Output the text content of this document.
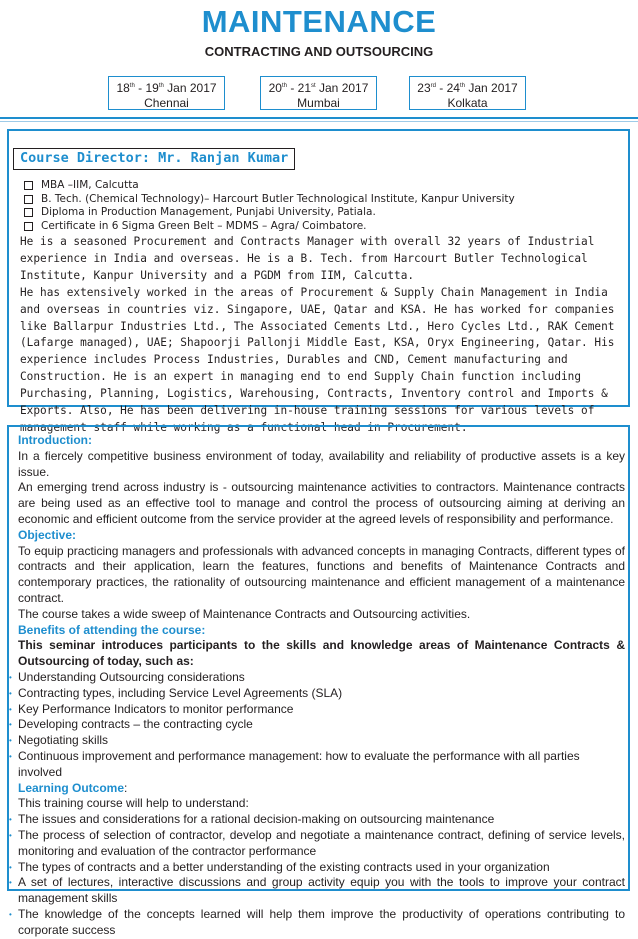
MAINTENANCE
CONTRACTING AND OUTSOURCING
18th - 19th Jan 2017
Chennai
20th - 21st Jan 2017
Mumbai
23rd - 24th Jan 2017
Kolkata
Course Director: Mr. Ranjan Kumar
MBA –IIM, Calcutta
B. Tech. (Chemical Technology)– Harcourt Butler Technological Institute, Kanpur University
Diploma in Production Management, Punjabi University, Patiala.
Certificate in 6 Sigma Green Belt – MDMS – Agra/ Coimbatore.

He is a seasoned Procurement and Contracts Manager with overall 32 years of Industrial experience in India and overseas. He is a B. Tech. from Harcourt Butler Technological Institute, Kanpur University and a PGDM from IIM, Calcutta.

He has extensively worked in the areas of Procurement & Supply Chain Management in India and overseas in countries viz. Singapore, UAE, Qatar and KSA. He has worked for companies like Ballarpur Industries Ltd., The Associated Cements Ltd., Hero Cycles Ltd., RAK Cement (Lafarge managed), UAE; Shapoorji Pallonji Middle East, KSA, Oryx Engineering, Qatar. His experience includes Process Industries, Durables and CND, Cement manufacturing and Construction. He is an expert in managing end to end Supply Chain function including Purchasing, Planning, Logistics, Warehousing, Contracts, Inventory control and Imports & Exports. Also, He has been delivering in-house training sessions for various levels of management staff while working as a functional head in Procurement.

Introduction:
In a fiercely competitive business environment of today, availability and reliability of productive assets is a key issue.
An emerging trend across industry is - outsourcing maintenance activities to contractors. Maintenance contracts are being used as an effective tool to manage and control the process of outsourcing aiming at deriving an economic and efficient outcome from the service provider at the agreed levels of responsibility and performance.
Objective:
To equip practicing managers and professionals with advanced concepts in managing Contracts, different types of contracts and their application, learn the features, functions and benefits of Maintenance Contracts and contemporary practices, the rationality of outsourcing maintenance and efficient management of a maintenance contract.
The course takes a wide sweep of Maintenance Contracts and Outsourcing activities.
Benefits of attending the course:
This seminar introduces participants to the skills and knowledge areas of Maintenance Contracts & Outsourcing of today, such as:
• Understanding Outsourcing considerations
• Contracting types, including Service Level Agreements (SLA)
• Key Performance Indicators to monitor performance
• Developing contracts – the contracting cycle
• Negotiating skills
• Continuous improvement and performance management: how to evaluate the performance with all parties involved
Learning Outcome:
This training course will help to understand:
• The issues and considerations for a rational decision-making on outsourcing maintenance
• The process of selection of contractor, develop and negotiate a maintenance contract, defining of service levels, monitoring and evaluation of the contractor performance
• The types of contracts and a better understanding of the existing contracts used in your organization
• A set of lectures, interactive discussions and group activity equip you with the tools to improve your contract management skills
• The knowledge of the concepts learned will help them improve the productivity of operations contributing to corporate success
